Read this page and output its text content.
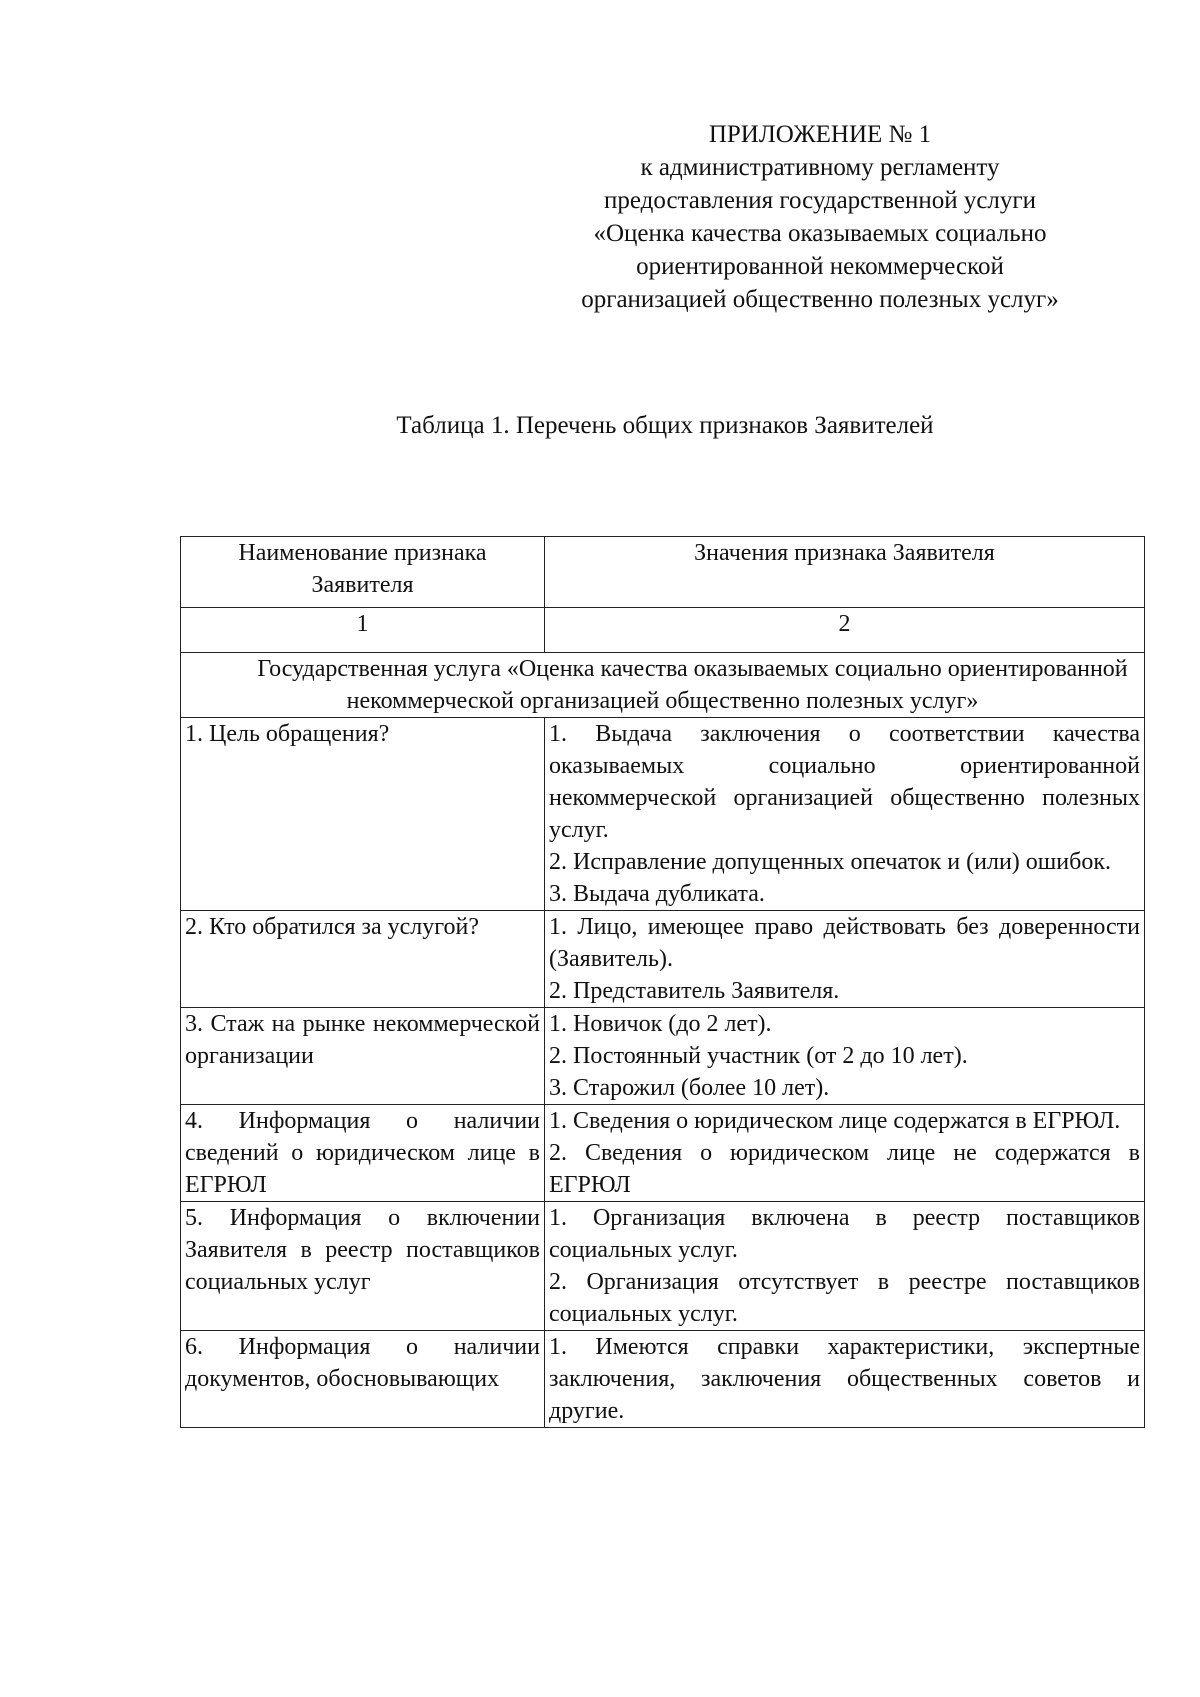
ПРИЛОЖЕНИЕ № 1
к административному регламенту
предоставления государственной услуги
«Оценка качества оказываемых социально
ориентированной некоммерческой
организацией общественно полезных услуг»
Таблица 1. Перечень общих признаков Заявителей
Наименование признака Заявителя	Значения признака Заявителя
1	2

Государственная услуга «Оценка качества оказываемых социально ориентированной некоммерческой организацией общественно полезных услуг»	

1. Цель обращения?	1. Выдача заключения о соответствии качества оказываемых социально ориентированной некоммерческой организацией общественно полезных услуг.
2. Исправление допущенных опечаток и (или) ошибок.
3. Выдача дубликата.

2. Кто обратился за услугой?	1. Лицо, имеющее право действовать без доверенности (Заявитель).
2. Представитель Заявителя.

3. Стаж на рынке некоммерческой организации	1. Новичок (до 2 лет).
2. Постоянный участник (от 2 до 10 лет).
3. Старожил (более 10 лет).

4. Информация о наличии сведений о юридическом лице в ЕГРЮЛ	1. Сведения о юридическом лице содержатся в ЕГРЮЛ.
2. Сведения о юридическом лице не содержатся в ЕГРЮЛ

5. Информация о включении Заявителя в реестр поставщиков социальных услуг	1. Организация включена в реестр поставщиков социальных услуг.
2. Организация отсутствует в реестре поставщиков социальных услуг.

6. Информация о наличии документов, обосновывающих	1. Имеются справки характеристики, экспертные заключения, заключения общественных советов и другие.
